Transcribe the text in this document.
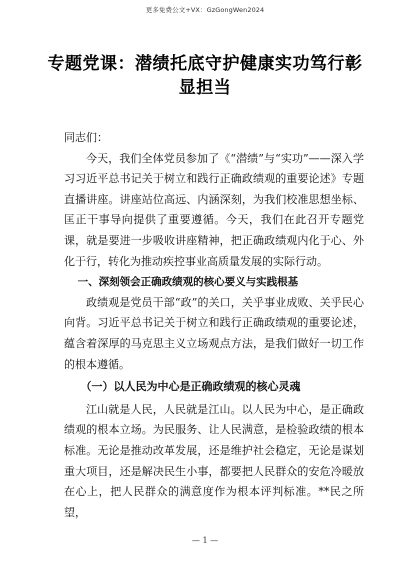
更多免费公文+VX：GzGongWen2024
专题党课：潜绩托底守护健康实功笃行彰显担当

同志们：

今天，我们全体党员参加了《“潜绩”与“实功”——深入学习习近平总书记关于树立和践行正确政绩观的重要论述》专题直播讲座。讲座站位高远、内涵深刻，为我们校准思想坐标、匡正干事导向提供了重要遵循。今天，我们在此召开专题党课，就是要进一步吸收讲座精神，把正确政绩观内化于心、外化于行，转化为推动疾控事业高质量发展的实际行动。

一、深刻领会正确政绩观的核心要义与实践根基

政绩观是党员干部“政”的关口，关乎事业成败、关乎民心向背。习近平总书记关于树立和践行正确政绩观的重要论述，蕴含着深厚的马克思主义立场观点方法，是我们做好一切工作的根本遵循。

（一）以人民为中心是正确政绩观的核心灵魂

江山就是人民，人民就是江山。以人民为中心，是正确政绩观的根本立场。为民服务、让人民满意，是检验政绩的根本标准。无论是推动改革发展，还是维护社会稳定，无论是谋划重大项目，还是解决民生小事，都要把人民群众的安危冷暖放在心上，把人民群众的满意度作为根本评判标准。**民之所望，

— 1 —
